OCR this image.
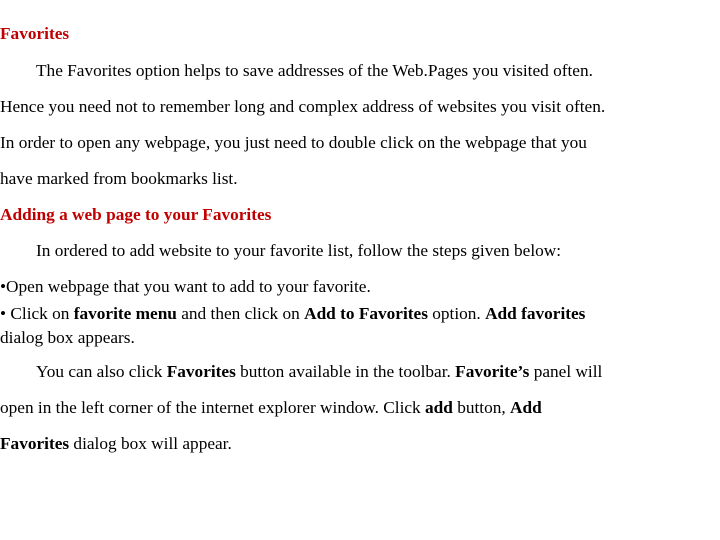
Favorites
The Favorites option helps to save addresses of the Web.Pages you visited often.
Hence you need not to remember long and complex address of websites you visit often.
In order to open any webpage, you just need to double click on the webpage that you
have marked from bookmarks list.
Adding a web page to your Favorites
In ordered to add website to your favorite list, follow the steps given below:
•Open webpage that you want to add to your favorite.
• Click on favorite menu and then click on Add to Favorites option. Add favorites
dialog box appears.
You can also click Favorites button available in the toolbar. Favorite’s panel will
open in the left corner of the internet explorer window. Click add button, Add
Favorites dialog box will appear.
